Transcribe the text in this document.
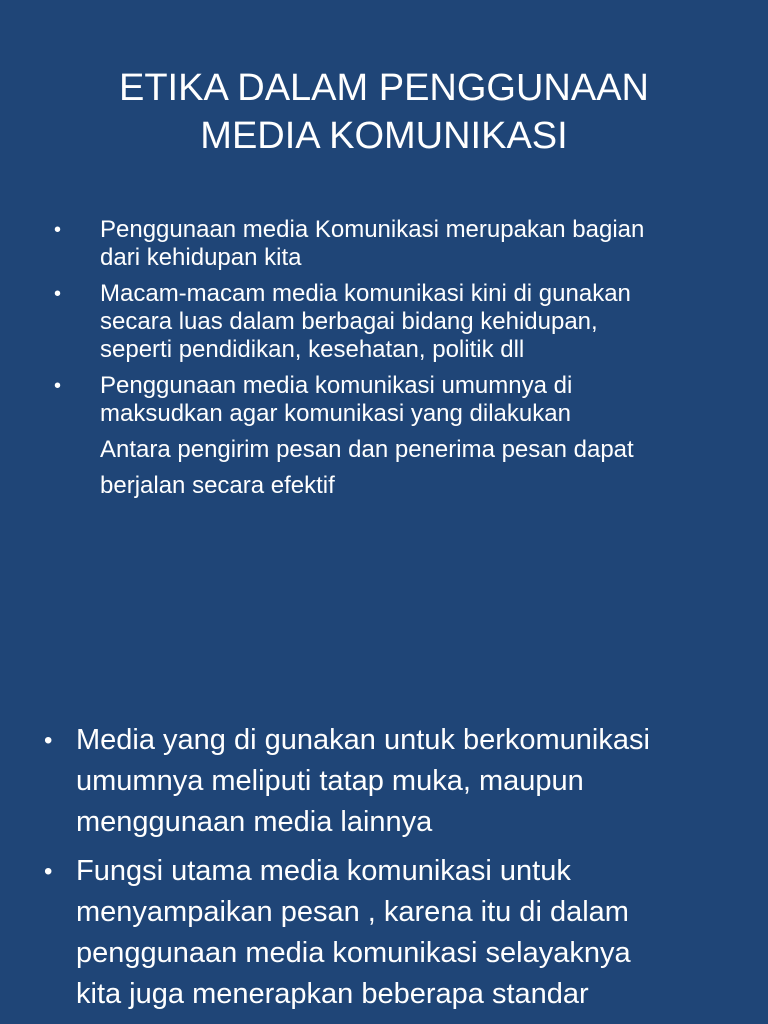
ETIKA DALAM PENGGUNAAN
MEDIA KOMUNIKASI
• Penggunaan media Komunikasi merupakan bagian
dari kehidupan kita
• Macam-macam media komunikasi kini di gunakan
secara luas dalam berbagai bidang kehidupan,
seperti pendidikan, kesehatan, politik dll
• Penggunaan media komunikasi umumnya di
maksudkan agar komunikasi yang dilakukan
Antara pengirim pesan dan penerima pesan dapat
berjalan secara efektif
• Media yang di gunakan untuk berkomunikasi
umumnya meliputi tatap muka, maupun
menggunaan media lainnya
• Fungsi utama media komunikasi untuk
menyampaikan pesan , karena itu di dalam
penggunaan media komunikasi selayaknya
kita juga menerapkan beberapa standar
